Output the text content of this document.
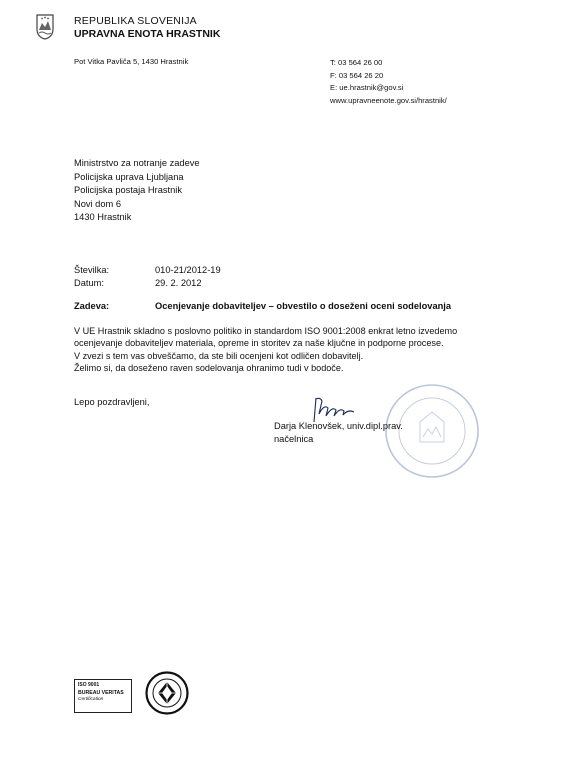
REPUBLIKA SLOVENIJA
UPRAVNA ENOTA HRASTNIK
Pot Vitka Pavliča 5, 1430 Hrastnik	T: 03 564 26 00
F: 03 564 26 20
E: ue.hrastnik@gov.si
www.upravneenote.gov.si/hrastnik/
Ministrstvo za notranje zadeve
Policijska uprava Ljubljana
Policijska postaja Hrastnik
Novi dom 6
1430 Hrastnik
Številka:	010-21/2012-19
Datum:	29. 2. 2012
Zadeva:	Ocenjevanje dobaviteljev – obvestilo o doseženi oceni sodelovanja
V UE Hrastnik skladno s poslovno politiko in standardom ISO 9001:2008 enkrat letno izvedemo
ocenjevanje dobaviteljev materiala, opreme in storitev za naše ključne in podporne procese.
V zvezi s tem vas obveščamo, da ste bili ocenjeni kot odličen dobavitelj.
Želimo si, da doseženo raven sodelovanja ohranimo tudi v bodoče.
Lepo pozdravljeni,
Darja Klenovšek, univ.dipl.prav.
načelnica
ISO 9001
BUREAU VERITAS
Certification
